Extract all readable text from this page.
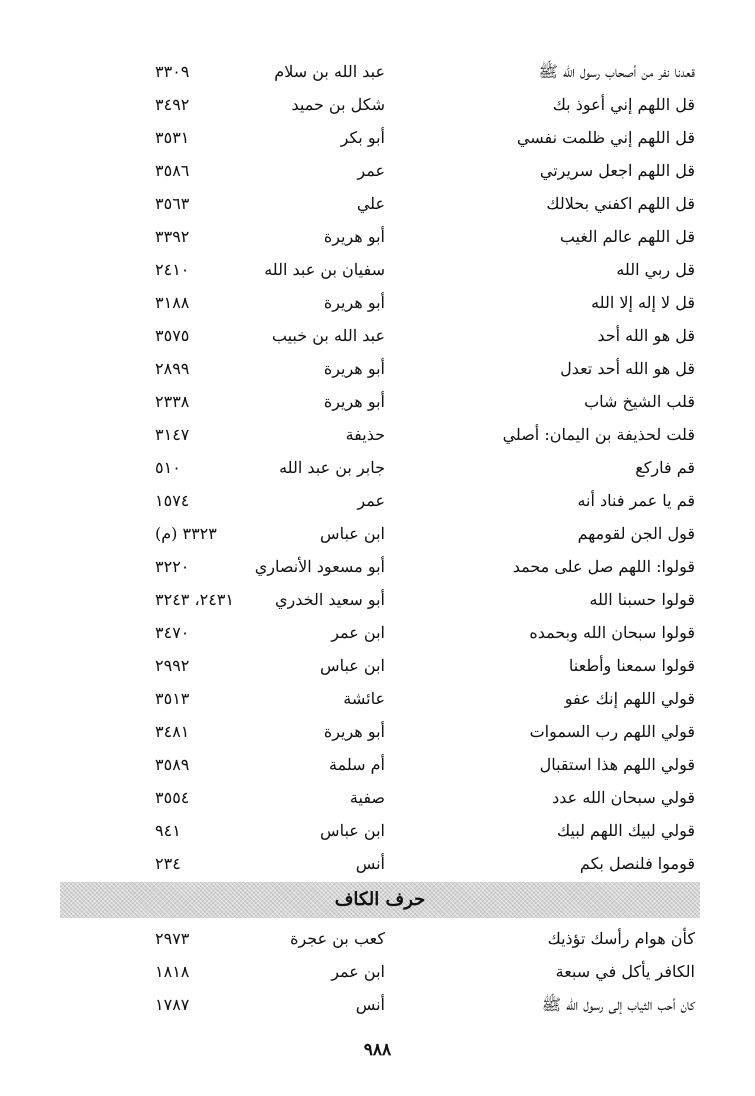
قعدنا نفر من أصحاب رسول الله ﷺ
عبد الله بن سلام
٣٣٠٩
قل اللهم إني أعوذ بك
شكل بن حميد
٣٤٩٢
قل اللهم إني ظلمت نفسي
أبو بكر
٣٥٣١
قل اللهم اجعل سريرتي
عمر
٣٥٨٦
قل اللهم اكفني بحلالك
علي
٣٥٦٣
قل اللهم عالم الغيب
أبو هريرة
٣٣٩٢
قل ربي الله
سفيان بن عبد الله
٢٤١٠
قل لا إله إلا الله
أبو هريرة
٣١٨٨
قل هو الله أحد
عبد الله بن خبيب
٣٥٧٥
قل هو الله أحد تعدل
أبو هريرة
٢٨٩٩
قلب الشيخ شاب
أبو هريرة
٢٣٣٨
قلت لحذيفة بن اليمان: أصلي
حذيفة
٣١٤٧
قم فاركع
جابر بن عبد الله
٥١٠
قم يا عمر فناد أنه
عمر
١٥٧٤
قول الجن لقومهم
ابن عباس
٣٣٢٣ (م)
قولوا: اللهم صل على محمد
أبو مسعود الأنصاري
٣٢٢٠
قولوا حسبنا الله
أبو سعيد الخدري
٢٤٣١، ٣٢٤٣
قولوا سبحان الله وبحمده
ابن عمر
٣٤٧٠
قولوا سمعنا وأطعنا
ابن عباس
٢٩٩٢
قولي اللهم إنك عفو
عائشة
٣٥١٣
قولي اللهم رب السموات
أبو هريرة
٣٤٨١
قولي اللهم هذا استقبال
أم سلمة
٣٥٨٩
قولي سبحان الله عدد
صفية
٣٥٥٤
قولي لبيك اللهم لبيك
ابن عباس
٩٤١
قوموا فلنصل بكم
أنس
٢٣٤
حرف الكاف
كأن هوام رأسك تؤذيك
كعب بن عجرة
٢٩٧٣
الكافر يأكل في سبعة
ابن عمر
١٨١٨
كان أحب الثياب إلى رسول الله ﷺ
أنس
١٧٨٧
٩٨٨
